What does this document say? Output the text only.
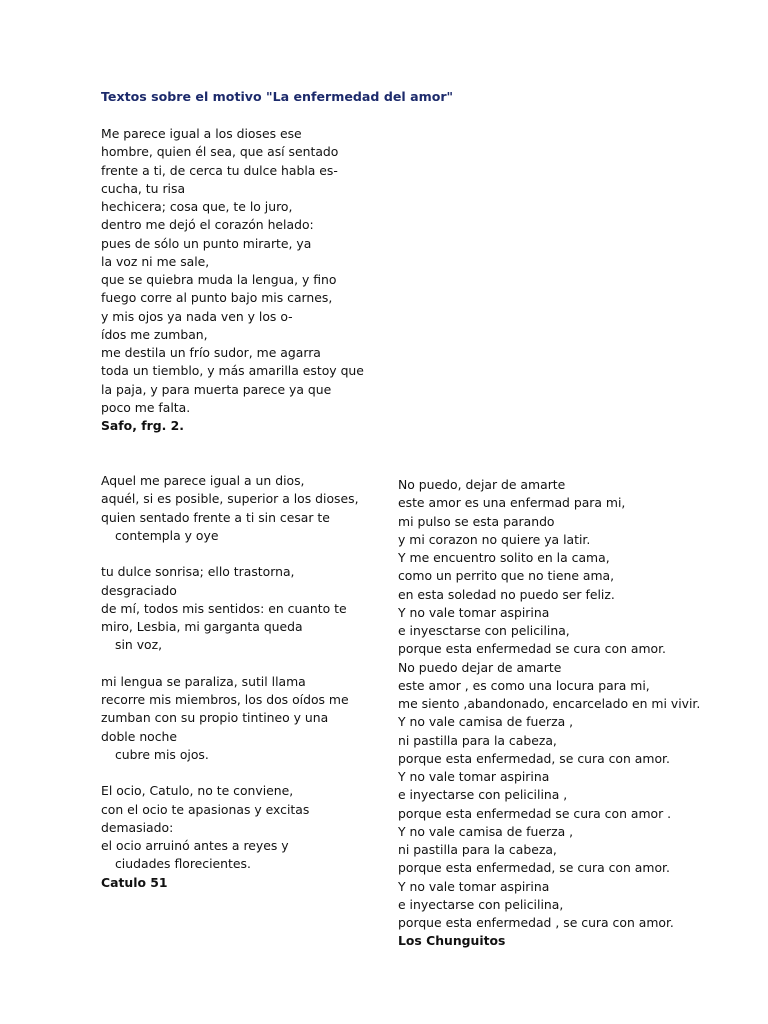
Textos sobre el motivo "La enfermedad del amor"
Me parece igual a los dioses ese
hombre, quien él sea, que así sentado
frente a ti, de cerca tu dulce habla es-
cucha, tu risa
hechicera; cosa que, te lo juro,
dentro me dejó el corazón helado:
pues de sólo un punto mirarte, ya
la voz ni me sale,
que se quiebra muda la lengua, y fino
fuego corre al punto bajo mis carnes,
y mis ojos ya nada ven y los o-
ídos me zumban,
me destila un frío sudor, me agarra
toda un tiemblo, y más amarilla estoy que
la paja, y para muerta parece ya que
poco me falta.
Safo, frg. 2.
Aquel me parece igual a un dios,
aquél, si es posible, superior a los dioses,
quien sentado frente a ti sin cesar te
contempla y oye
tu dulce sonrisa; ello trastorna,
desgraciado
de mí, todos mis sentidos: en cuanto te
miro, Lesbia, mi garganta queda
sin voz,
mi lengua se paraliza, sutil llama
recorre mis miembros, los dos oídos me
zumban con su propio tintineo y una
doble noche
cubre mis ojos.
El ocio, Catulo, no te conviene,
con el ocio te apasionas y excitas
demasiado:
el ocio arruinó antes a reyes y
ciudades florecientes.
Catulo 51
No puedo, dejar de amarte
este amor es una enfermad para mi,
mi pulso se esta parando
y mi corazon no quiere ya latir.
Y me encuentro solito en la cama,
como un perrito que no tiene ama,
en esta soledad no puedo ser feliz.
Y no vale tomar aspirina
e inyesctarse con pelicilina,
porque esta enfermedad se cura con amor.
No puedo dejar de amarte
este amor , es como una locura para mi,
me siento ,abandonado, encarcelado en mi vivir.
Y no vale camisa de fuerza ,
ni pastilla para la cabeza,
porque esta enfermedad, se cura con amor.
Y no vale tomar aspirina
e inyectarse con pelicilina ,
porque esta enfermedad se cura con amor .
Y no vale camisa de fuerza ,
ni pastilla para la cabeza,
porque esta enfermedad, se cura con amor.
Y no vale tomar aspirina
e inyectarse con pelicilina,
porque esta enfermedad , se cura con amor.
Los Chunguitos
